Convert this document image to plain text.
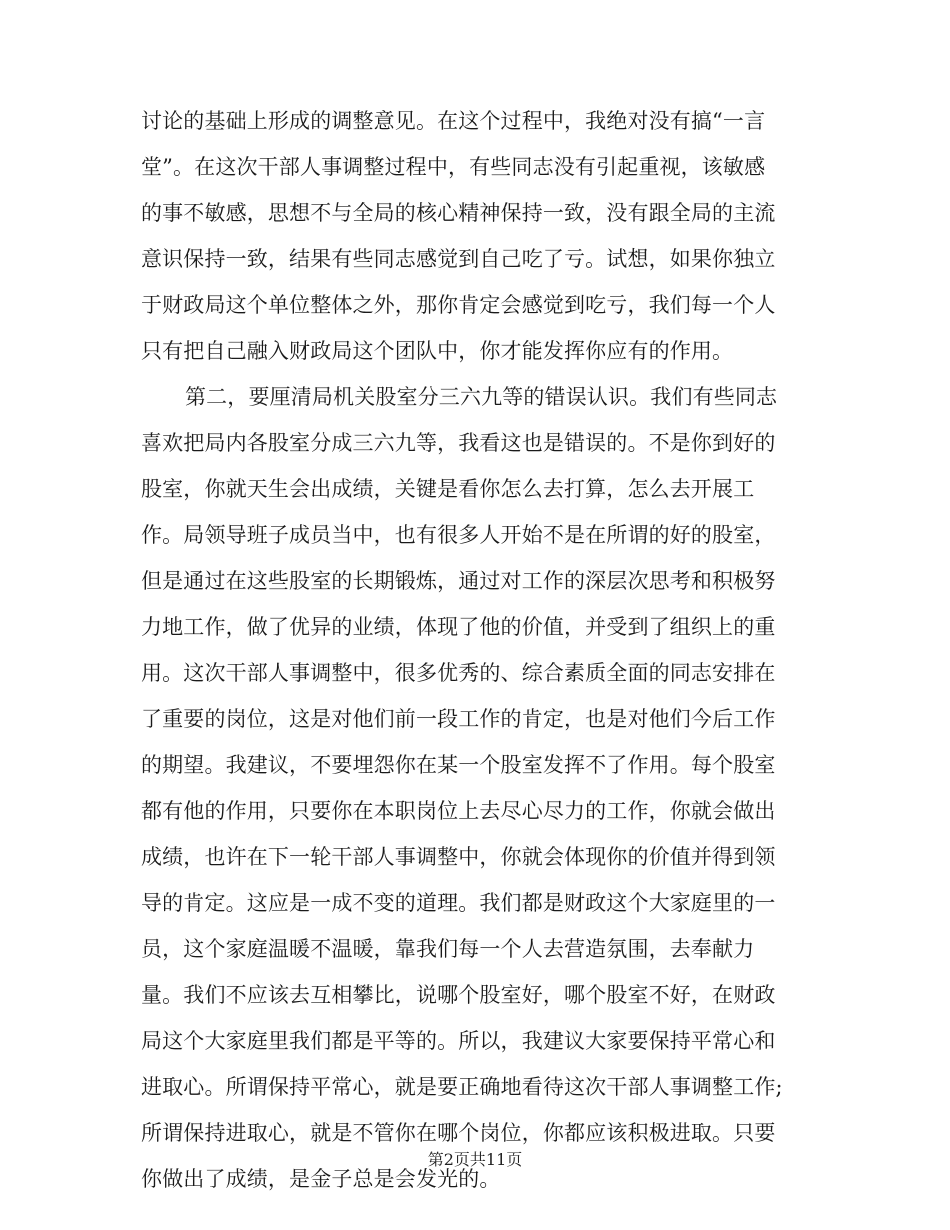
讨论的基础上形成的调整意见。在这个过程中，我绝对没有搞“一言
堂”。在这次干部人事调整过程中，有些同志没有引起重视，该敏感
的事不敏感，思想不与全局的核心精神保持一致，没有跟全局的主流
意识保持一致，结果有些同志感觉到自己吃了亏。试想，如果你独立
于财政局这个单位整体之外，那你肯定会感觉到吃亏，我们每一个人
只有把自己融入财政局这个团队中，你才能发挥你应有的作用。
第二，要厘清局机关股室分三六九等的错误认识。我们有些同志
喜欢把局内各股室分成三六九等，我看这也是错误的。不是你到好的
股室，你就天生会出成绩，关键是看你怎么去打算，怎么去开展工
作。局领导班子成员当中，也有很多人开始不是在所谓的好的股室，
但是通过在这些股室的长期锻炼，通过对工作的深层次思考和积极努
力地工作，做了优异的业绩，体现了他的价值，并受到了组织上的重
用。这次干部人事调整中，很多优秀的、综合素质全面的同志安排在
了重要的岗位，这是对他们前一段工作的肯定，也是对他们今后工作
的期望。我建议，不要埋怨你在某一个股室发挥不了作用。每个股室
都有他的作用，只要你在本职岗位上去尽心尽力的工作，你就会做出
成绩，也许在下一轮干部人事调整中，你就会体现你的价值并得到领
导的肯定。这应是一成不变的道理。我们都是财政这个大家庭里的一
员，这个家庭温暖不温暖，靠我们每一个人去营造氛围，去奉献力
量。我们不应该去互相攀比，说哪个股室好，哪个股室不好，在财政
局这个大家庭里我们都是平等的。所以，我建议大家要保持平常心和
进取心。所谓保持平常心，就是要正确地看待这次干部人事调整工作;
所谓保持进取心，就是不管你在哪个岗位，你都应该积极进取。只要
你做出了成绩，是金子总是会发光的。
第2页共11页
